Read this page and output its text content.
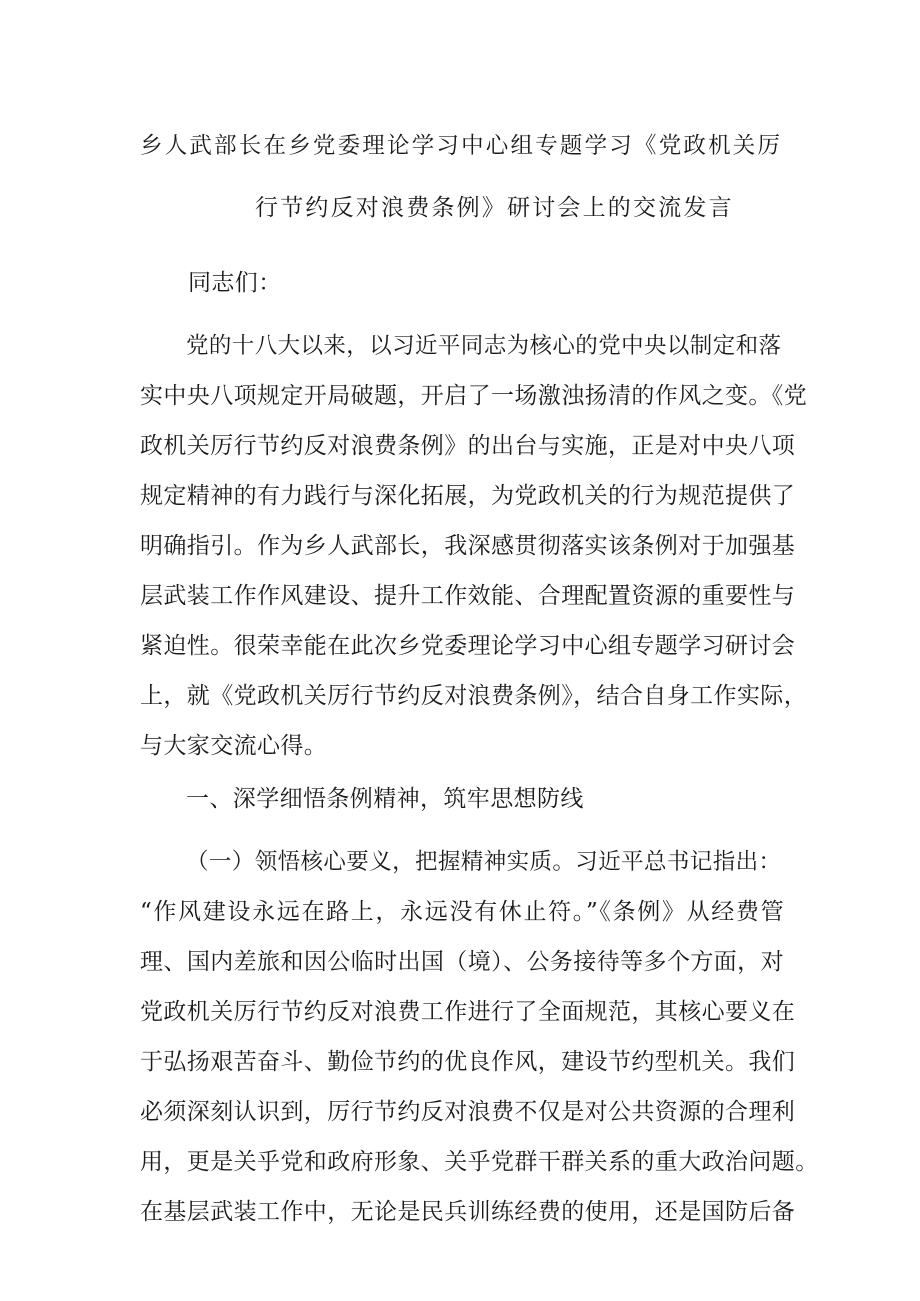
乡人武部长在乡党委理论学习中心组专题学习《党政机关厉
行节约反对浪费条例》研讨会上的交流发言
同志们：
党的十八大以来，以习近平同志为核心的党中央以制定和落
实中央八项规定开局破题，开启了一场激浊扬清的作风之变。《党
政机关厉行节约反对浪费条例》的出台与实施，正是对中央八项
规定精神的有力践行与深化拓展，为党政机关的行为规范提供了
明确指引。作为乡人武部长，我深感贯彻落实该条例对于加强基
层武装工作作风建设、提升工作效能、合理配置资源的重要性与
紧迫性。很荣幸能在此次乡党委理论学习中心组专题学习研讨会
上，就《党政机关厉行节约反对浪费条例》，结合自身工作实际，
与大家交流心得。
一、深学细悟条例精神，筑牢思想防线
（一）领悟核心要义，把握精神实质。习近平总书记指出：
“作风建设永远在路上，永远没有休止符。”《条例》从经费管
理、国内差旅和因公临时出国（境）、公务接待等多个方面，对
党政机关厉行节约反对浪费工作进行了全面规范，其核心要义在
于弘扬艰苦奋斗、勤俭节约的优良作风，建设节约型机关。我们
必须深刻认识到，厉行节约反对浪费不仅是对公共资源的合理利
用，更是关乎党和政府形象、关乎党群干群关系的重大政治问题。
在基层武装工作中，无论是民兵训练经费的使用，还是国防后备
